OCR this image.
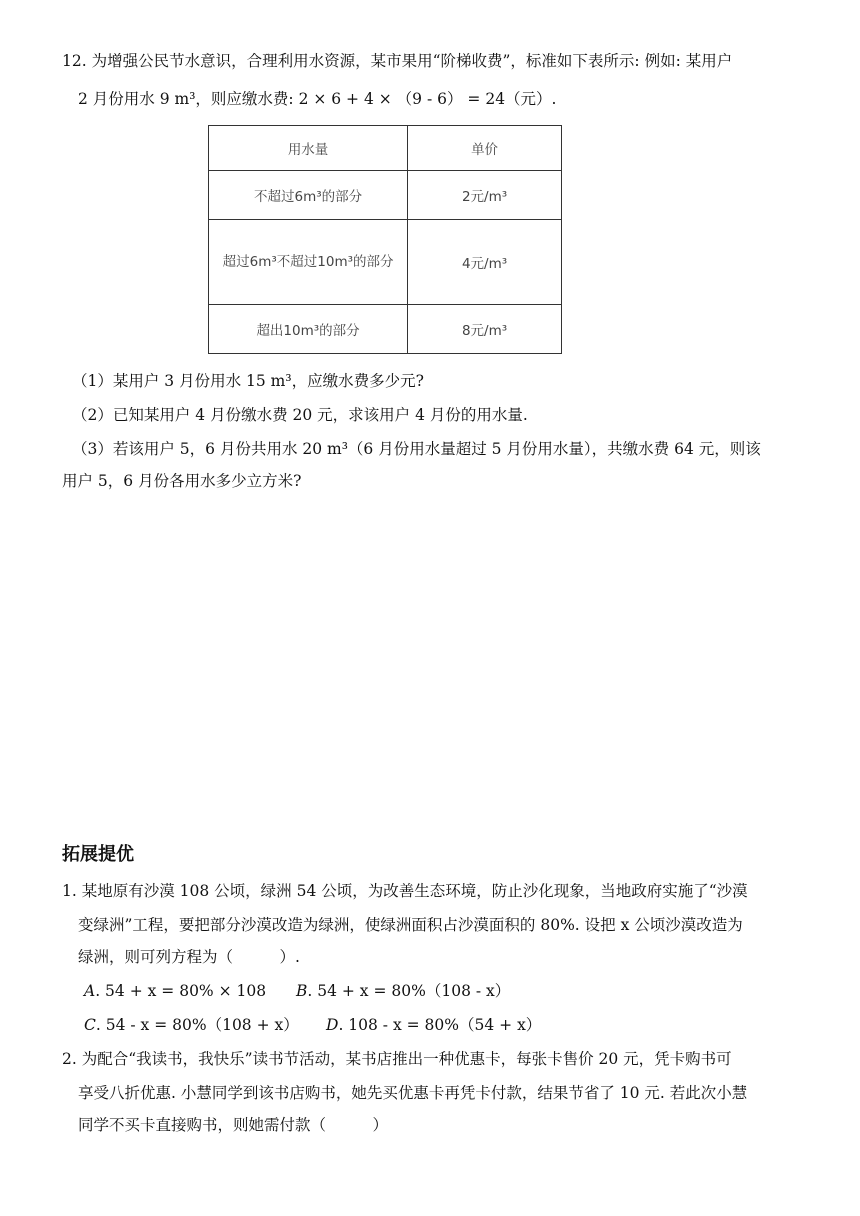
12. 为增强公民节水意识，合理利用水资源，某市果用“阶梯收费”，标准如下表所示: 例如: 某用户
2 月份用水 9 m³，则应缴水费: 2 × 6 + 4 × （9 - 6） = 24（元）.
用水量	单价
不超过6m³的部分	2元/m³
超过6m³不超过10m³的部分	4元/m³
超出10m³的部分	8元/m³
（1）某用户 3 月份用水 15 m³，应缴水费多少元?
（2）已知某用户 4 月份缴水费 20 元，求该用户 4 月份的用水量.
（3）若该用户 5，6 月份共用水 20 m³（6 月份用水量超过 5 月份用水量），共缴水费 64 元，则该
用户 5，6 月份各用水多少立方米?
拓展提优
1. 某地原有沙漠 108 公顷，绿洲 54 公顷，为改善生态环境，防止沙化现象，当地政府实施了“沙漠
变绿洲”工程，要把部分沙漠改造为绿洲，使绿洲面积占沙漠面积的 80%. 设把 x 公顷沙漠改造为
绿洲，则可列方程为（　　　）.
A. 54 + x = 80% × 108 B. 54 + x = 80%（108 - x）
C. 54 - x = 80%（108 + x） D. 108 - x = 80%（54 + x）
2. 为配合“我读书，我快乐”读书节活动，某书店推出一种优惠卡，每张卡售价 20 元，凭卡购书可
享受八折优惠. 小慧同学到该书店购书，她先买优惠卡再凭卡付款，结果节省了 10 元. 若此次小慧
同学不买卡直接购书，则她需付款（　　　）
